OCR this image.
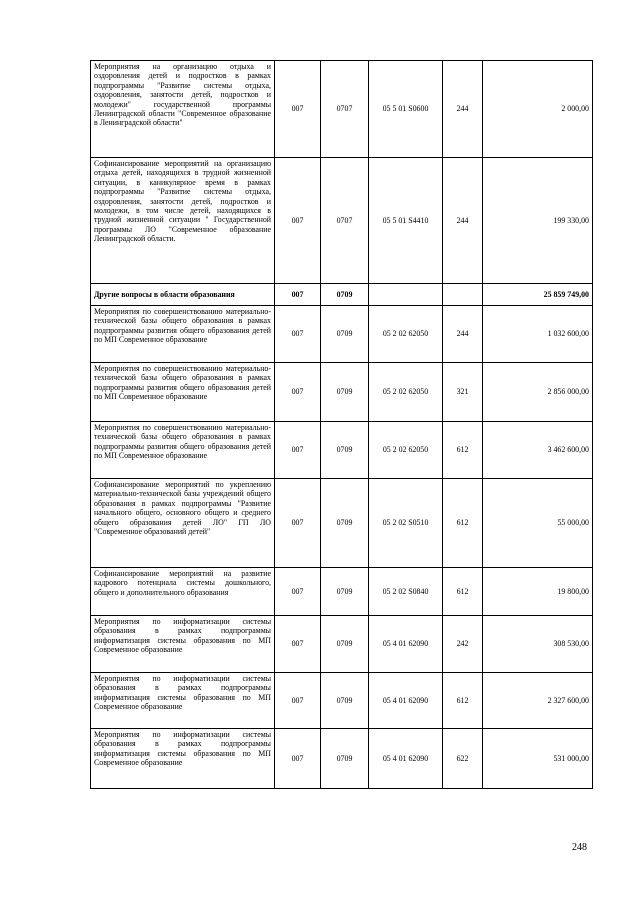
Мероприятия на организацию отдыха и оздоровления детей и подростков в рамках подпрограммы "Развитие системы отдыха, оздоровления, занятости детей, подростков и молодежи" государственной программы Ленинградской области "Современное образование в Ленинградской области"	007	0707	05 5 01 S0600	244	2 000,00
Софинансирование мероприятий на организацию отдыха детей, находящихся в трудной жизненной ситуации, в каникулярное время в рамках подпрограммы "Развитие системы отдыха, оздоровления, занятости детей, подростков и молодежи, в том числе детей, находящихся в трудной жизненной ситуации " Государственной программы ЛО "Современное образование Ленинградской области.	007	0707	05 5 01 S4410	244	199 330,00
Другие вопросы в области образования	007	0709			25 859 749,00
Мероприятия по совершенствованию материально-технической базы общего образования в рамках подпрограммы развития общего образования детей по МП Современное образование	007	0709	05 2 02 62050	244	1 032 600,00
Мероприятия по совершенствованию материально-технической базы общего образования в рамках подпрограммы развития общего образования детей по МП Современное образование	007	0709	05 2 02 62050	321	2 856 000,00
Мероприятия по совершенствованию материально-технической базы общего образования в рамках подпрограммы развития общего образования детей по МП Современное образование	007	0709	05 2 02 62050	612	3 462 600,00
Софинансирование мероприятий по укреплению материально-технической базы учреждений общего образования в рамках подпрограммы "Развитие начального общего, основного общего и среднего общего образования детей ЛО" ГП ЛО "Современное образований детей"	007	0709	05 2 02 S0510	612	55 000,00
Софинансирование мероприятий на развитие кадрового потенциала системы дошкольного, общего и дополнительного образования	007	0709	05 2 02 S0840	612	19 800,00
Мероприятия по информатизации системы образования в рамках подпрограммы информатизация системы образования по МП Современное образование	007	0709	05 4 01 62090	242	308 530,00
Мероприятия по информатизации системы образования в рамках подпрограммы информатизация системы образования по МП Современное образование	007	0709	05 4 01 62090	612	2 327 600,00
Мероприятия по информатизации системы образования в рамках подпрограммы информатизация системы образования по МП Современное образование	007	0709	05 4 01 62090	622	531 000,00
248
